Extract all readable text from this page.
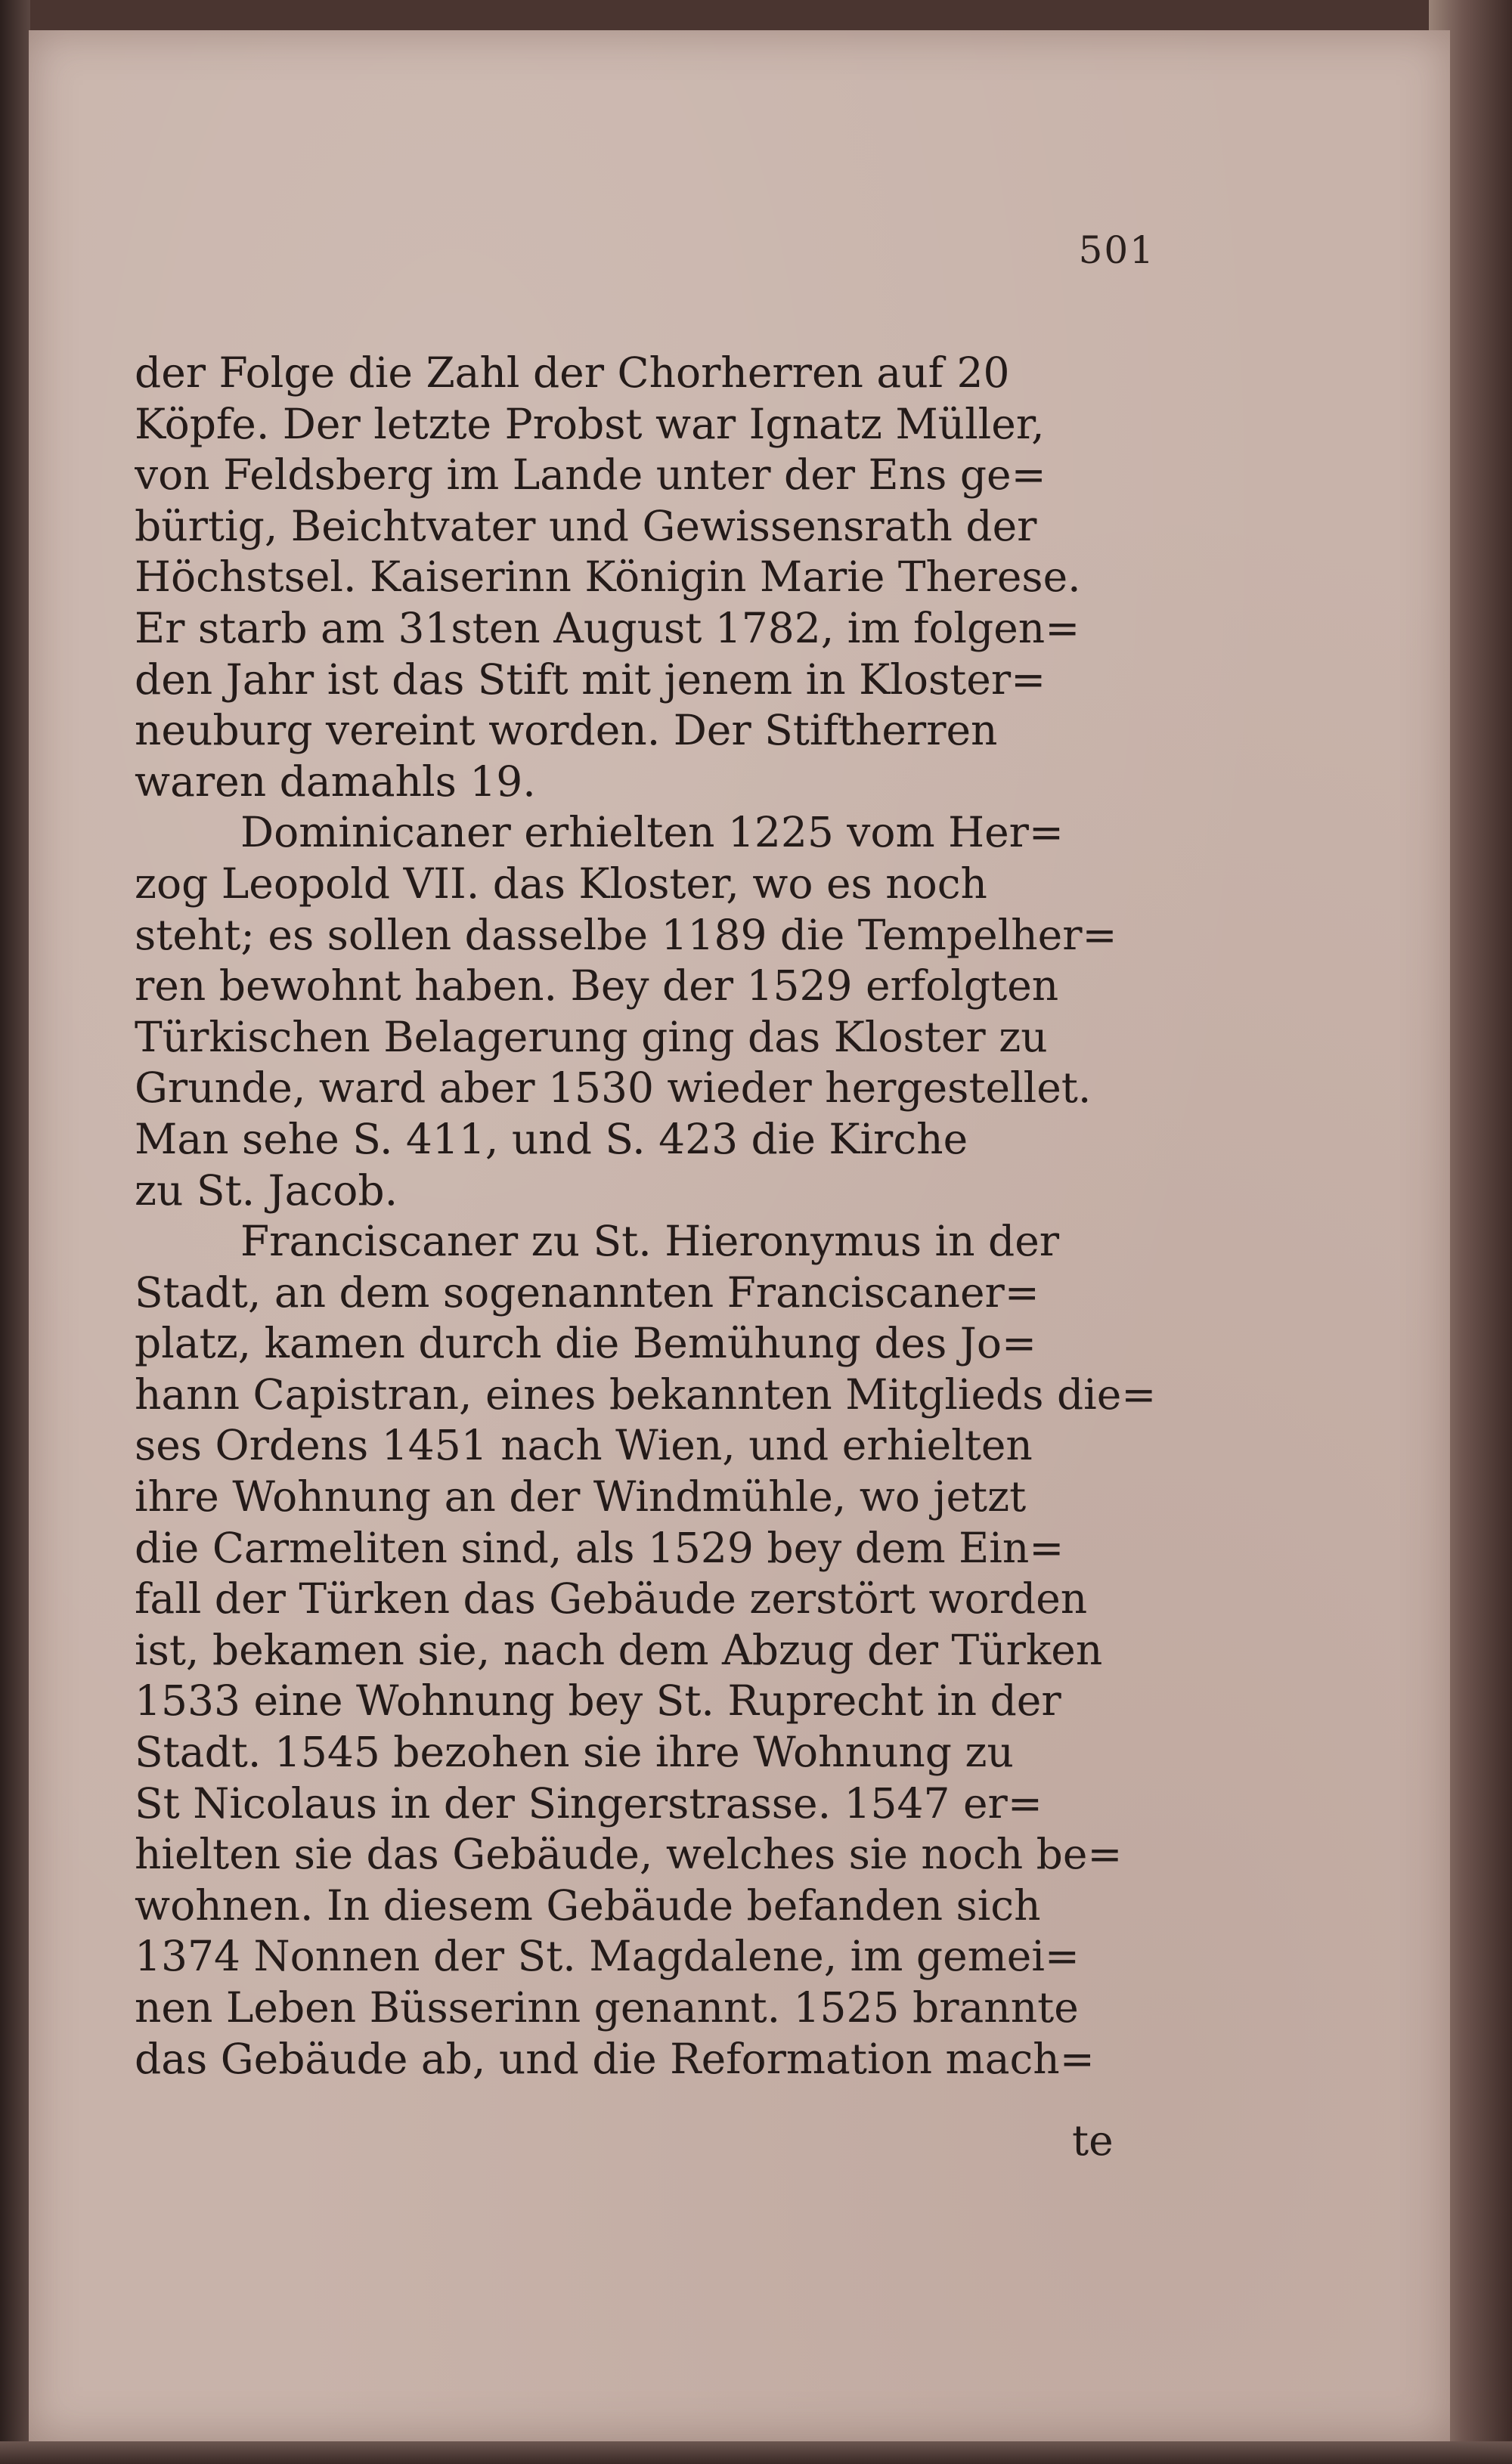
501
der Folge die Zahl der Chorherren auf 20
Köpfe. Der letzte Probst war Ignatz Müller,
von Feldsberg im Lande unter der Ens ge=
bürtig, Beichtvater und Gewissensrath der
Höchstsel. Kaiserinn Königin Marie Therese.
Er starb am 31sten August 1782, im folgen=
den Jahr ist das Stift mit jenem in Kloster=
neuburg vereint worden. Der Stiftherren
waren damahls 19.
Dominicaner erhielten 1225 vom Her=
zog Leopold VII. das Kloster, wo es noch
steht; es sollen dasselbe 1189 die Tempelher=
ren bewohnt haben. Bey der 1529 erfolgten
Türkischen Belagerung ging das Kloster zu
Grunde, ward aber 1530 wieder hergestellet.
Man sehe S. 411, und S. 423 die Kirche
zu St. Jacob.
Franciscaner zu St. Hieronymus in der
Stadt, an dem sogenannten Franciscaner=
platz, kamen durch die Bemühung des Jo=
hann Capistran, eines bekannten Mitglieds die=
ses Ordens 1451 nach Wien, und erhielten
ihre Wohnung an der Windmühle, wo jetzt
die Carmeliten sind, als 1529 bey dem Ein=
fall der Türken das Gebäude zerstört worden
ist, bekamen sie, nach dem Abzug der Türken
1533 eine Wohnung bey St. Ruprecht in der
Stadt. 1545 bezohen sie ihre Wohnung zu
St Nicolaus in der Singerstrasse. 1547 er=
hielten sie das Gebäude, welches sie noch be=
wohnen. In diesem Gebäude befanden sich
1374 Nonnen der St. Magdalene, im gemei=
nen Leben Büsserinn genannt. 1525 brannte
das Gebäude ab, und die Reformation mach=
te
